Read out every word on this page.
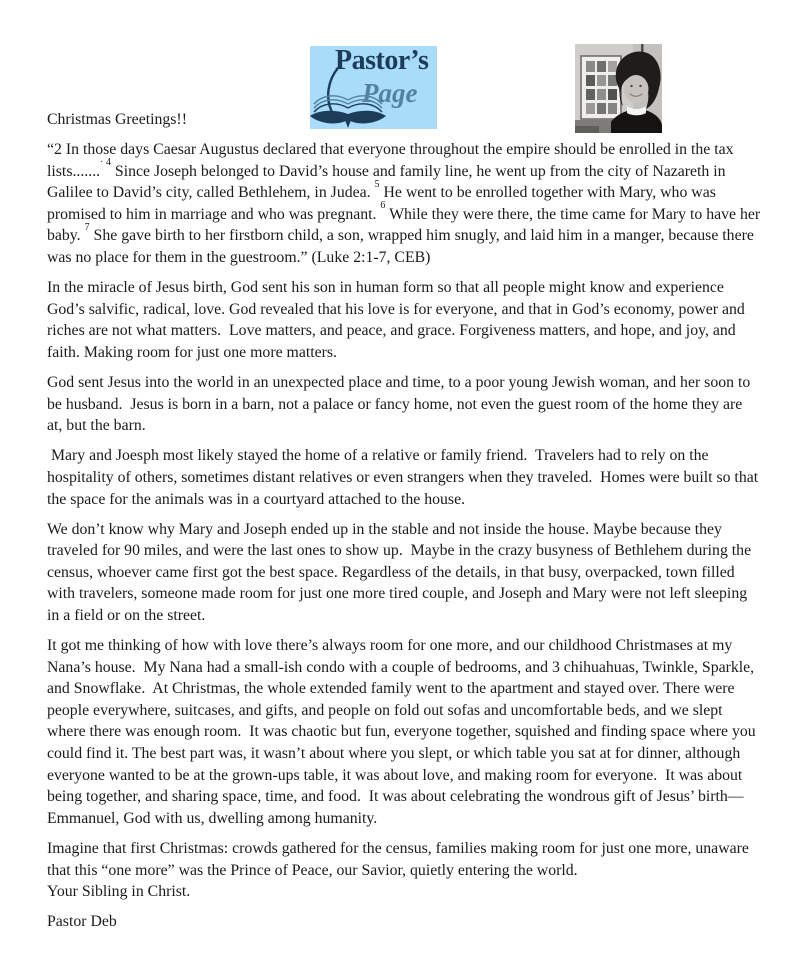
Pastor’s
Page

Christmas Greetings!!

“2 In those days Caesar Augustus declared that everyone throughout the empire should be enrolled in the tax lists.......$^{\cdot 4}$ Since Joseph belonged to David’s house and family line, he went up from the city of Nazareth in Galilee to David’s city, called Bethlehem, in Judea. $^5$ He went to be enrolled together with Mary, who was promised to him in marriage and who was pregnant. $^6$ While they were there, the time came for Mary to have her baby. $^7$ She gave birth to her firstborn child, a son, wrapped him snugly, and laid him in a manger, because there was no place for them in the guestroom.” (Luke 2:1-7, CEB)

In the miracle of Jesus birth, God sent his son in human form so that all people might know and experience God’s salvific, radical, love. God revealed that his love is for everyone, and that in God’s economy, power and riches are not what matters.  Love matters, and peace, and grace. Forgiveness matters, and hope, and joy, and faith. Making room for just one more matters.

God sent Jesus into the world in an unexpected place and time, to a poor young Jewish woman, and her soon to be husband.  Jesus is born in a barn, not a palace or fancy home, not even the guest room of the home they are at, but the barn.

Mary and Joesph most likely stayed the home of a relative or family friend.  Travelers had to rely on the hospitality of others, sometimes distant relatives or even strangers when they traveled.  Homes were built so that the space for the animals was in a courtyard attached to the house.

We don’t know why Mary and Joseph ended up in the stable and not inside the house. Maybe because they traveled for 90 miles, and were the last ones to show up.  Maybe in the crazy busyness of Bethlehem during the census, whoever came first got the best space. Regardless of the details, in that busy, overpacked, town filled with travelers, someone made room for just one more tired couple, and Joseph and Mary were not left sleeping in a field or on the street.

It got me thinking of how with love there’s always room for one more, and our childhood Christmases at my Nana’s house.  My Nana had a small-ish condo with a couple of bedrooms, and 3 chihuahuas, Twinkle, Sparkle, and Snowflake.  At Christmas, the whole extended family went to the apartment and stayed over. There were people everywhere, suitcases, and gifts, and people on fold out sofas and uncomfortable beds, and we slept where there was enough room.  It was chaotic but fun, everyone together, squished and finding space where you could find it. The best part was, it wasn’t about where you slept, or which table you sat at for dinner, although everyone wanted to be at the grown-ups table, it was about love, and making room for everyone.  It was about being together, and sharing space, time, and food.  It was about celebrating the wondrous gift of Jesus’ birth—Emmanuel, God with us, dwelling among humanity.

Imagine that first Christmas: crowds gathered for the census, families making room for just one more, unaware that this “one more” was the Prince of Peace, our Savior, quietly entering the world.

Your Sibling in Christ.

Pastor Deb
